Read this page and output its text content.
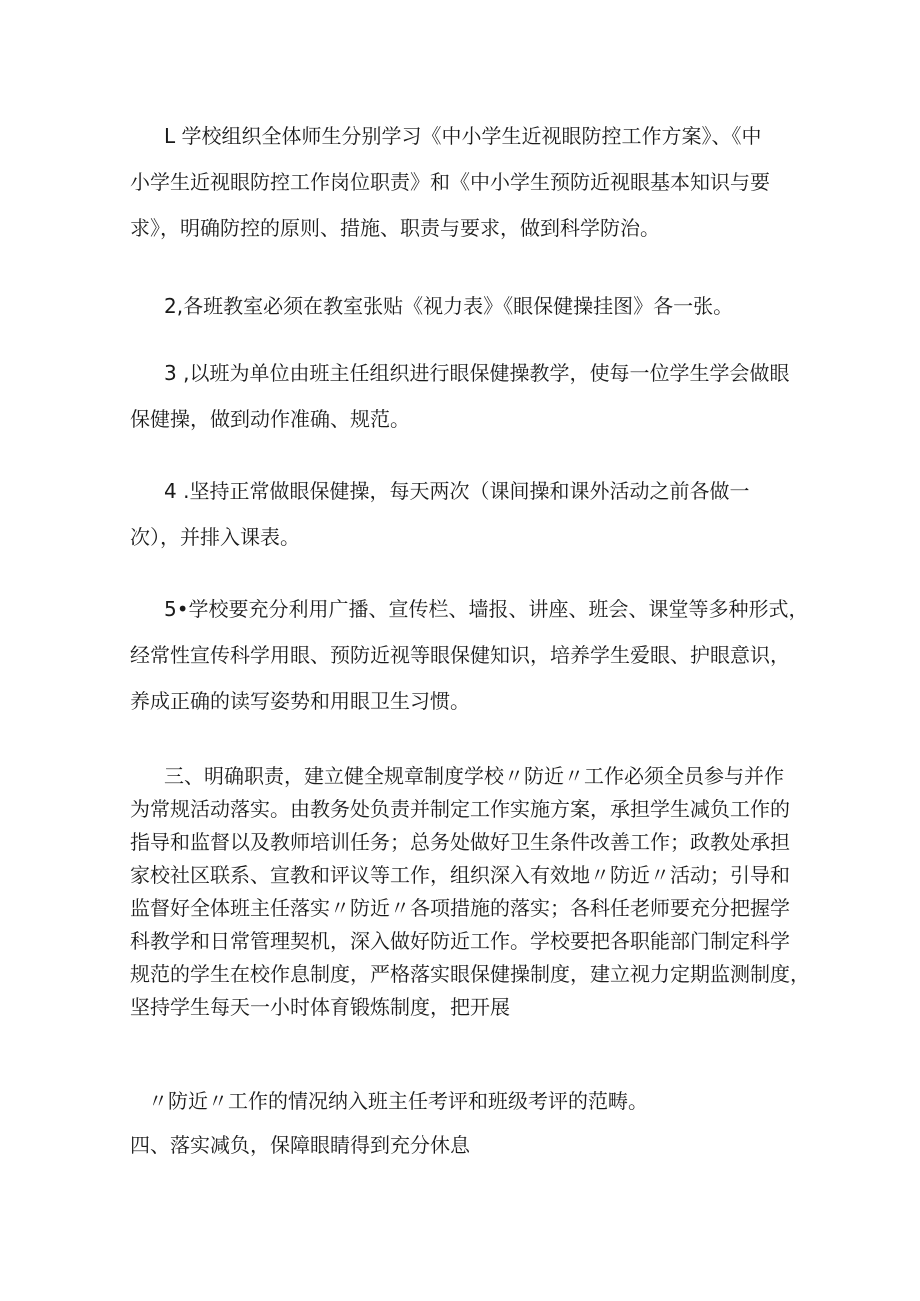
L 学校组织全体师生分别学习《中小学生近视眼防控工作方案》、《中
小学生近视眼防控工作岗位职责》和《中小学生预防近视眼基本知识与要
求》，明确防控的原则、措施、职责与要求，做到科学防治。
2,各班教室必须在教室张贴《视力表》《眼保健操挂图》各一张。
3 ,以班为单位由班主任组织进行眼保健操教学，使每一位学生学会做眼
保健操，做到动作准确、规范。
4 .坚持正常做眼保健操，每天两次（课间操和课外活动之前各做一
次），并排入课表。
5•学校要充分利用广播、宣传栏、墙报、讲座、班会、课堂等多种形式，
经常性宣传科学用眼、预防近视等眼保健知识，培养学生爱眼、护眼意识，
养成正确的读写姿势和用眼卫生习惯。
三、明确职责，建立健全规章制度学校〃防近〃工作必须全员参与并作
为常规活动落实。由教务处负责并制定工作实施方案，承担学生减负工作的
指导和监督以及教师培训任务；总务处做好卫生条件改善工作；政教处承担
家校社区联系、宣教和评议等工作，组织深入有效地〃防近〃活动；引导和
监督好全体班主任落实〃防近〃各项措施的落实；各科任老师要充分把握学
科教学和日常管理契机，深入做好防近工作。学校要把各职能部门制定科学
规范的学生在校作息制度，严格落实眼保健操制度，建立视力定期监测制度，
坚持学生每天一小时体育锻炼制度，把开展
〃防近〃工作的情况纳入班主任考评和班级考评的范畴。
四、落实减负，保障眼睛得到充分休息
